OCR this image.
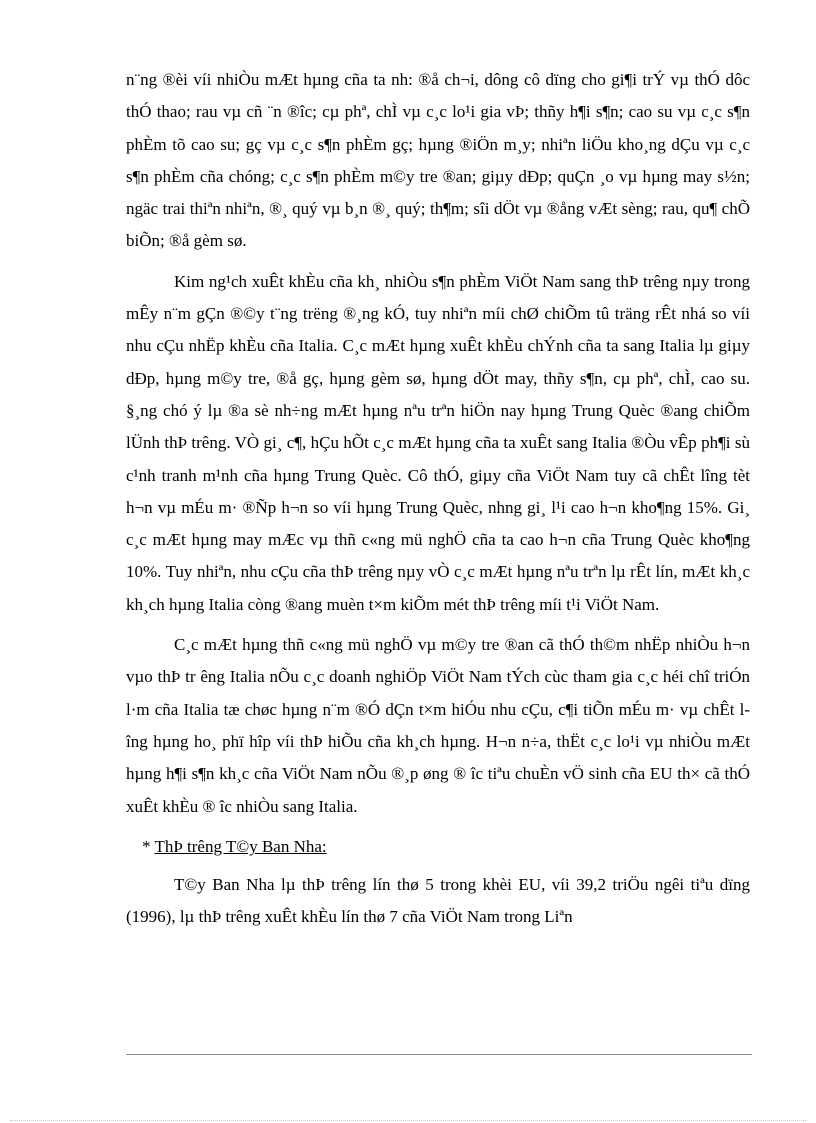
n¨ng ®èi víi nhiÒu mÆt hµng cña ta nh: ®å ch¬i, dông cô dïng cho gi¶i trÝ vµ thÓ dôc thÓ thao; rau vµ cñ ¨n ®îc; cµ phª, chÌ vµ c¸c lo¹i gia vÞ; thñy h¶i s¶n; cao su vµ c¸c s¶n phÈm tõ cao su; gç vµ c¸c s¶n phÈm gç; hµng ®iÖn m¸y; nhiªn liÖu kho¸ng dÇu vµ c¸c s¶n phÈm cña chóng; c¸c s¶n phÈm m©y tre ®an; giµy dÐp; quÇn ¸o vµ hµng may s½n; ngäc trai thiªn nhiªn, ®¸ quý vµ b¸n ®¸ quý; th¶m; sîi dÖt vµ ®ång vÆt sèng; rau, qu¶ chÕ biÕn; ®å gèm sø.

Kim ng¹ch xuÊt khÈu cña kh¸ nhiÒu s¶n phÈm ViÖt Nam sang thÞ trêng nµy trong mÊy n¨m gÇn ®©y t¨ng trëng ®¸ng kÓ, tuy nhiªn míi chØ chiÕm tû träng rÊt nhá so víi nhu cÇu nhËp khÈu cña Italia. C¸c mÆt hµng xuÊt khÈu chÝnh cña ta sang Italia lµ giµy dÐp, hµng m©y tre, ®å gç, hµng gèm sø, hµng dÖt may, thñy s¶n, cµ phª, chÌ, cao su. §¸ng chó ý lµ ®a sè nh÷ng mÆt hµng nªu trªn hiÖn nay hµng Trung Quèc ®ang chiÕm lÜnh thÞ trêng. VÒ gi¸ c¶, hÇu hÕt c¸c mÆt hµng cña ta xuÊt sang Italia ®Òu vÊp ph¶i sù c¹nh tranh m¹nh cña hµng Trung Quèc. Cô thÓ, giµy cña ViÖt Nam tuy cã chÊt lîng tèt h¬n vµ mÉu m· ®Ñp h¬n so víi hµng Trung Quèc, nhng gi¸ l¹i cao h¬n kho¶ng 15%. Gi¸ c¸c mÆt hµng may mÆc vµ thñ c«ng mü nghÖ cña ta cao h¬n cña Trung Quèc kho¶ng 10%. Tuy nhiªn, nhu cÇu cña thÞ trêng nµy vÒ c¸c mÆt hµng nªu trªn lµ rÊt lín, mÆt kh¸c kh¸ch hµng Italia còng ®ang muèn t×m kiÕm mét thÞ trêng míi t¹i ViÖt Nam.

C¸c mÆt hµng thñ c«ng mü nghÖ vµ m©y tre ®an cã thÓ th©m nhËp nhiÒu h¬n vµo thÞ tr êng Italia nÕu c¸c doanh nghiÖp ViÖt Nam tÝch cùc tham gia c¸c héi chî triÓn l·m cña Italia tæ chøc hµng n¨m ®Ó dÇn t×m hiÓu nhu cÇu, c¶i tiÕn mÉu m· vµ chÊt l îng hµng ho¸ phï hîp víi thÞ hiÕu cña kh¸ch hµng. H¬n n÷a, thËt c¸c lo¹i vµ nhiÒu mÆt hµng h¶i s¶n kh¸c cña ViÖt Nam nÕu ®¸p øng ® îc tiªu chuÈn vÖ sinh cña EU th× cã thÓ xuÊt khÈu ® îc nhiÒu sang Italia.

* ThÞ trêng T©y Ban Nha:

T©y Ban Nha lµ thÞ trêng lín thø 5 trong khèi EU, víi 39,2 triÖu ngêi tiªu dïng (1996), lµ thÞ trêng xuÊt khÈu lín thø 7 cña ViÖt Nam trong Liªn
